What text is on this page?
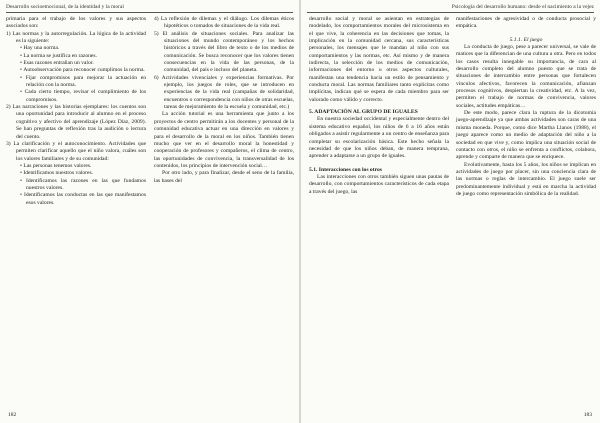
Desarrollo socioemocional, de la identidad y la moral

primaria para el trabajo de los valores y sus aspectos asociados son:

1) Las normas y la autorregulación. La lógica de la actividad es la siguiente:

• Hay una norma.

• La norma se justifica en razones.

• Esas razones entrañan un valor.

• Autoobservación para reconocer cumplimos la norma.

• Fijar compromisos para mejorar la actuación en relación con la norma.

• Cada cierto tiempo, revisar el cumplimiento de los compromisos.

2) Las narraciones y las historias ejemplares: los cuentos son una oportunidad para introducir al alumno en el proceso cognitivo y afectivo del aprendizaje (López Díaz, 2009). Se han preguntas de reflexión tras la audición o lectura del cuento.

3) La clarificación y el autoconocimiento. Actividades que permiten clarificar aquello que el niño valora, cuáles son los valores familiares y de su comunidad:

• Las personas tenemos valores.

• Identificamos nuestros valores.

• Identificamos las razones en las que fundamos nuestros valores.

• Identificamos las conductas en las que manifestamos esos valores.

4) La reflexión de dilemas y el diálogo. Los dilemas éticos hipotéticos o tomados de situaciones de la vida real.

5) El análisis de situaciones sociales. Para analizar las situaciones del mundo contemporáneo y los hechos históricos a través del libro de texto o de los medios de comunicación. Se busca reconocer que los valores tienen consecuencias en la vida de las personas, de la comunidad, del país e incluso del planeta.

6) Actividades vivenciales y experiencias formativas. Por ejemplo, los juegos de roles, que se introducen en experiencias de la vida real (campañas de solidaridad, encuentros o correspondencia con niños de otras escuelas, tareas de mejoramiento de la escuela y comunidad, etc.)

La acción tutorial es una herramienta que junto a los proyectos de centro permitirán a los docentes y personal de la comunidad educativa actuar en una dirección en valores y para el desarrollo de la moral en los niños. También tienen mucho que ver en el desarrollo moral la honestidad y cooperación de profesores y compañeros, el clima de centro, las oportunidades de convivencia, la transversalidad de los contenidos, los principios de intervención social…

Por otro lado, y para finalizar, desde el seno de la familia, las bases del

182
Psicología del desarrollo humano: desde el nacimiento a la vejez

desarrollo social y moral se asientan en estrategias de modelado, los comportamientos morales del microsistema en el que vive, la coherencia en las decisiones que tomas, la implicación en la comunidad cercana, sus características personales, los mensajes que le mandan al niño con sus comportamientos y las normas, etc. Así mismo y de manera indirecta, la selección de los medios de comunicación, informaciones del entorno u otros aspectos culturales, manifestan una tendencia hacia un estilo de pensamiento y conducta moral. Las normas familiares tanto explícitas como implícitas, indican qué se espera de cada miembro para ser valorado como válido y correcto.

5. ADAPTACIÓN AL GRUPO DE IGUALES

En nuestra sociedad occidental y especialmente dentro del sistema educativo español, los niños de 6 a 16 años están obligados a asistir regularmente a un centro de enseñanza para completar su escolarización básica. Este hecho señala la necesidad de que los niños deban, de manera temprana, aprender a adaptarse a un grupo de iguales.

5.1. Interacciones con los otros

Las interacciones con otros también siguen unas pautas de desarrollo, con comportamientos característicos de cada etapa a través del juego, las

manifestaciones de agresividad o de conducta prosocial y empática.

5.1.1. El juego

La conducta de juego, pese a parecer universal, se vale de matices que la diferencian de una cultura a otra. Pero en todos los casos resulta innegable su importancia, de cara al desarrollo completo del alumno puesto que se trata de situaciones de intercambio entre personas que fortalecen vínculos afectivos, favorecen la comunicación, afianzan procesos cognitivos, despiertan la creatividad, etc. A la vez, permiten el trabajo de normas de convivencia, valores sociales, actitudes empáticas…

De este modo, parece clara la ruptura de la dicotomía juego-aprendizaje ya que ambas actividades son caras de una misma moneda. Porque, como dice Martha Llanos (1988), el juego aparece como un medio de adaptación del niño a la sociedad en que vive y, como implica una situación social de contacto con otros, el niño se enfrenta a conflictos, colabora, aprende y comparte de manera que se enriquece.

Evolutivamente, hasta los 5 años, los niños se implican en actividades de juego por placer, sin una conciencia clara de las normas o reglas de intercambio. El juego suele ser predominantemente individual y está en marcha la actividad de juego como representación simbólica de la realidad.

183
